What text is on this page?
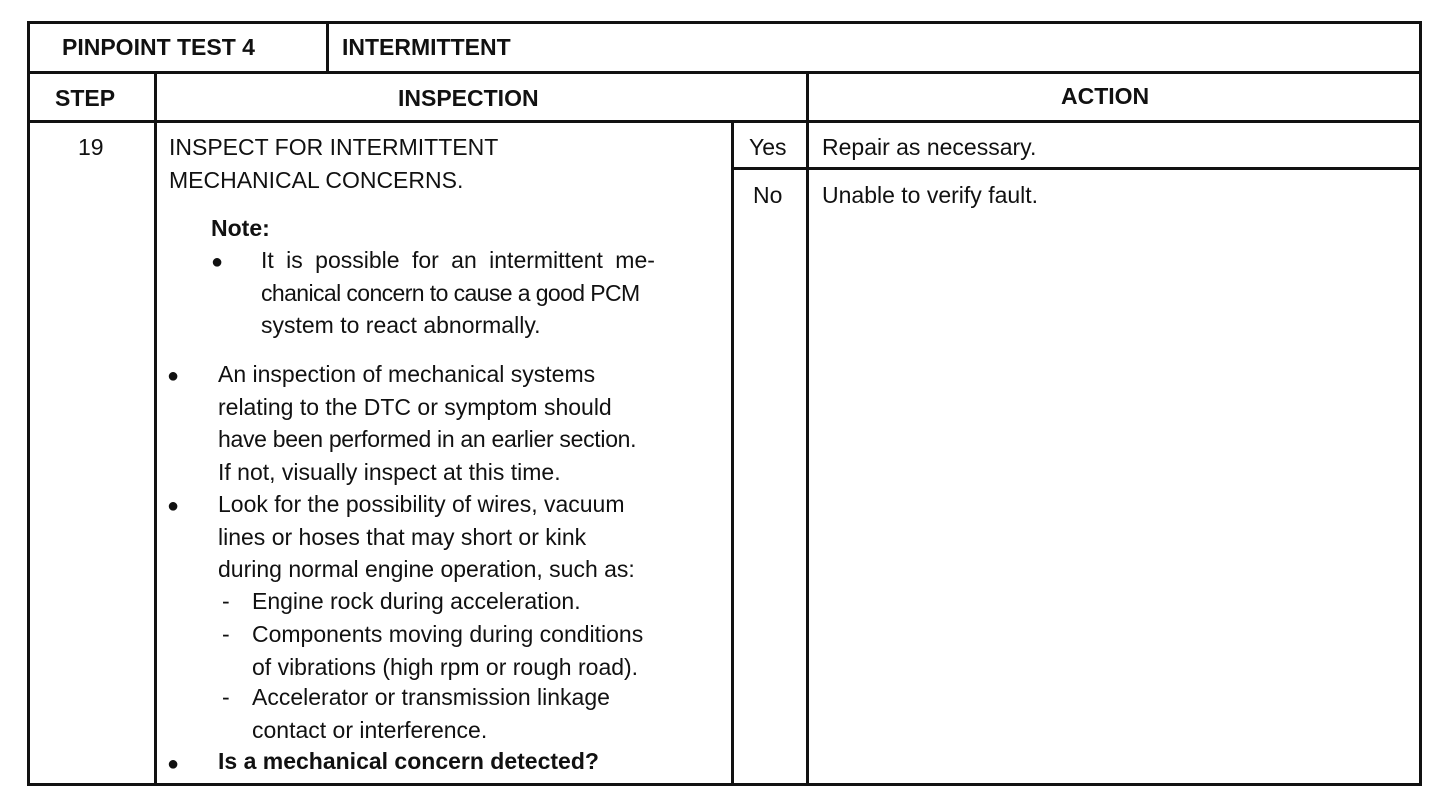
PINPOINT TEST 4	INTERMITTENT
STEP	INSPECTION	ACTION
19	INSPECT FOR INTERMITTENT
MECHANICAL CONCERNS.
Note:
● It is possible for an intermittent me-
chanical concern to cause a good PCM
system to react abnormally.
● An inspection of mechanical systems
relating to the DTC or symptom should
have been performed in an earlier section.
If not, visually inspect at this time.
● Look for the possibility of wires, vacuum
lines or hoses that may short or kink
during normal engine operation, such as:
- Engine rock during acceleration.
- Components moving during conditions
of vibrations (high rpm or rough road).
- Accelerator or transmission linkage
contact or interference.
● Is a mechanical concern detected?
Yes Repair as necessary.
No Unable to verify fault.
